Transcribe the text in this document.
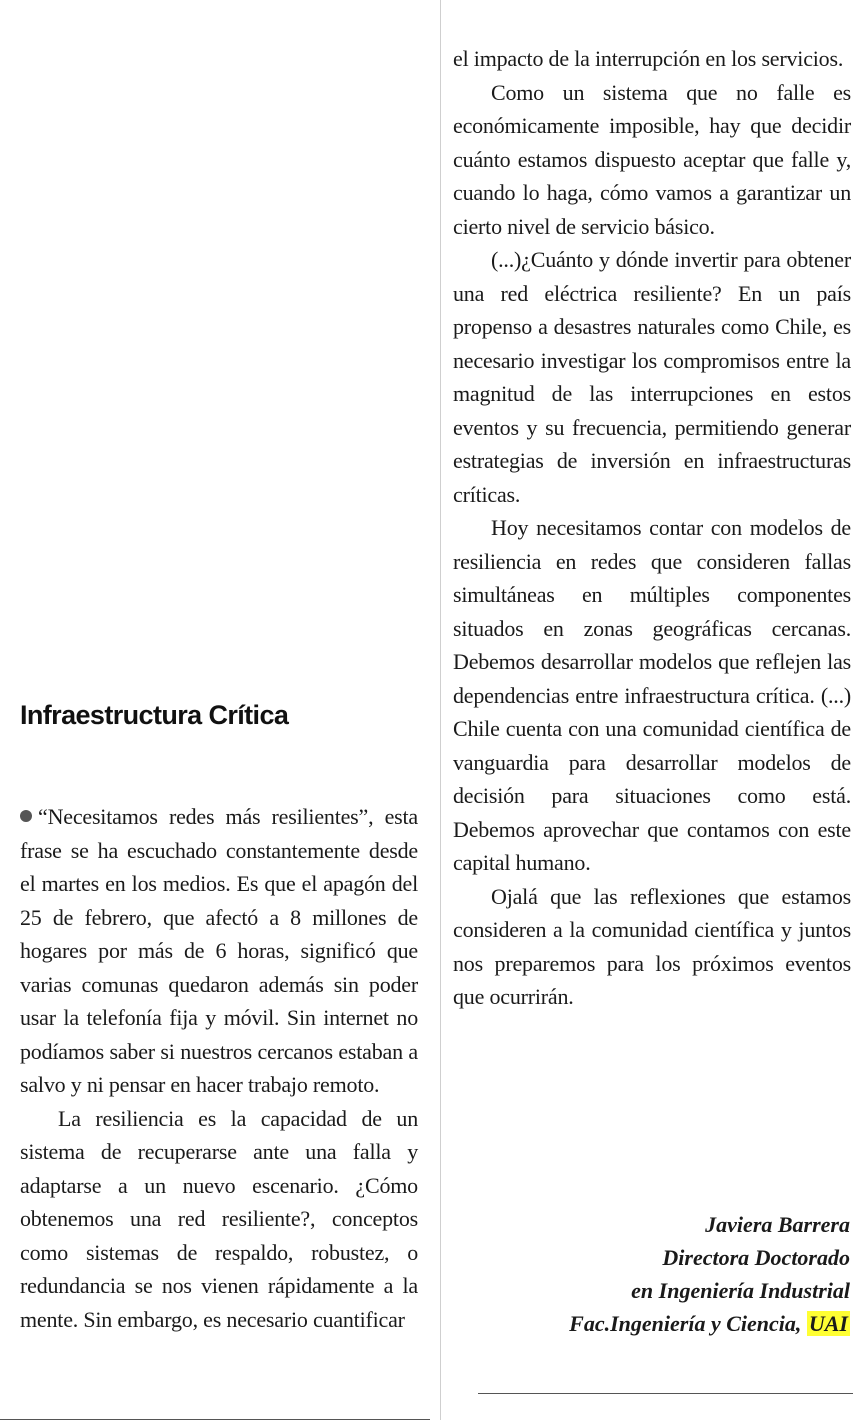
Infraestructura Crítica

“Necesitamos redes más resilientes”, esta frase se ha escuchado constantemente desde el martes en los medios. Es que el apagón del 25 de febrero, que afectó a 8 millones de hogares por más de 6 horas, significó que varias comunas quedaron además sin poder usar la telefonía fija y móvil. Sin internet no podíamos saber si nuestros cercanos estaban a salvo y ni pensar en hacer trabajo remoto.

La resiliencia es la capacidad de un sistema de recuperarse ante una falla y adaptarse a un nuevo escenario. ¿Cómo obtenemos una red resiliente?, conceptos como sistemas de respaldo, robustez, o redundancia se nos vienen rápidamente a la mente. Sin embargo, es necesario cuantificar

el impacto de la interrupción en los servicios.

Como un sistema que no falle es económicamente imposible, hay que decidir cuánto estamos dispuesto aceptar que falle y, cuando lo haga, cómo vamos a garantizar un cierto nivel de servicio básico.

(...)¿Cuánto y dónde invertir para obtener una red eléctrica resiliente? En un país propenso a desastres naturales como Chile, es necesario investigar los compromisos entre la magnitud de las interrupciones en estos eventos y su frecuencia, permitiendo generar estrategias de inversión en infraestructuras críticas.

Hoy necesitamos contar con modelos de resiliencia en redes que consideren fallas simultáneas en múltiples componentes situados en zonas geográficas cercanas. Debemos desarrollar modelos que reflejen las dependencias entre infraestructura crítica. (...) Chile cuenta con una comunidad científica de vanguardia para desarrollar modelos de decisión para situaciones como está. Debemos aprovechar que contamos con este capital humano.

Ojalá que las reflexiones que estamos consideren a la comunidad científica y juntos nos preparemos para los próximos eventos que ocurrirán.

Javiera Barrera
Directora Doctorado
en Ingeniería Industrial
Fac.Ingeniería y Ciencia, UAI
